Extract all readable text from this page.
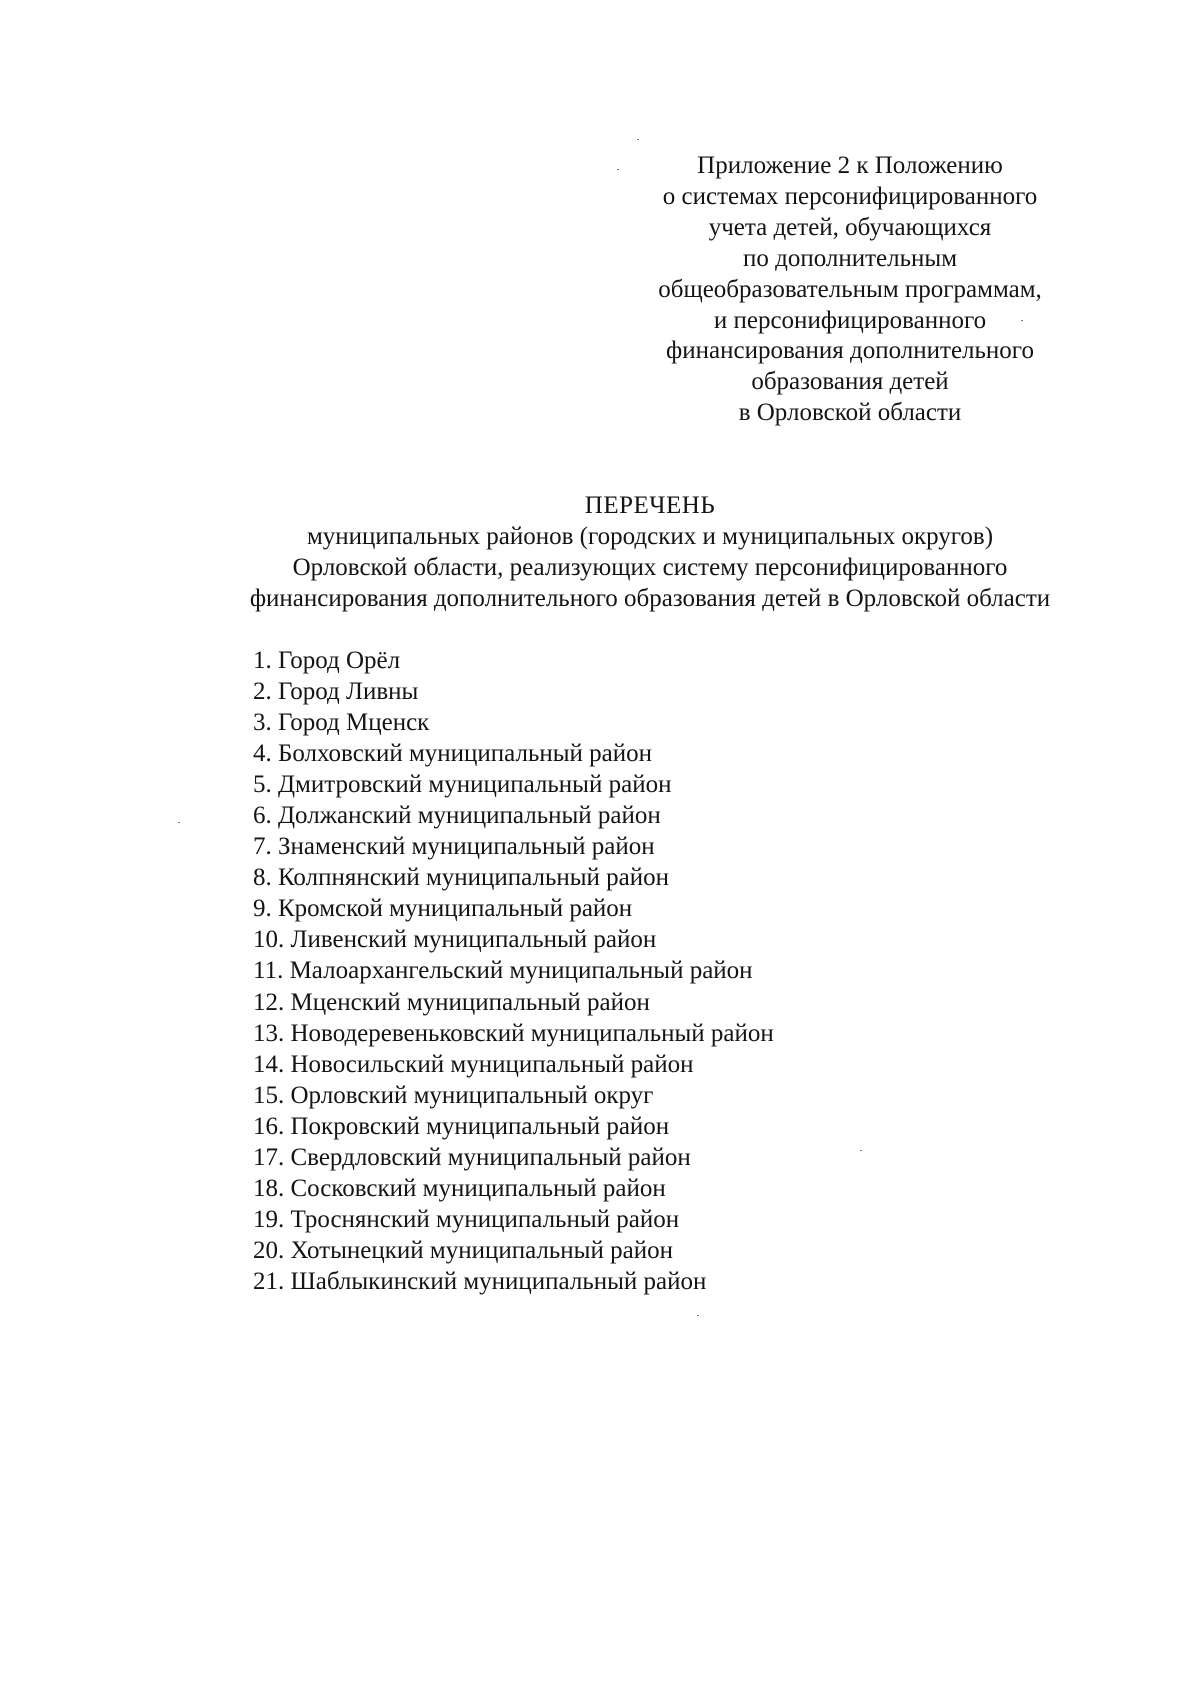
Приложение 2 к Положению
о системах персонифицированного
учета детей, обучающихся
по дополнительным
общеобразовательным программам,
и персонифицированного
финансирования дополнительного
образования детей
в Орловской области
ПЕРЕЧЕНЬ
муниципальных районов (городских и муниципальных округов)
Орловской области, реализующих систему персонифицированного
финансирования дополнительного образования детей в Орловской области
1. Город Орёл
2. Город Ливны
3. Город Мценск
4. Болховский муниципальный район
5. Дмитровский муниципальный район
6. Должанский муниципальный район
7. Знаменский муниципальный район
8. Колпнянский муниципальный район
9. Кромской муниципальный район
10. Ливенский муниципальный район
11. Малоархангельский муниципальный район
12. Мценский муниципальный район
13. Новодеревеньковский муниципальный район
14. Новосильский муниципальный район
15. Орловский муниципальный округ
16. Покровский муниципальный район
17. Свердловский муниципальный район
18. Сосковский муниципальный район
19. Троснянский муниципальный район
20. Хотынецкий муниципальный район
21. Шаблыкинский муниципальный район
